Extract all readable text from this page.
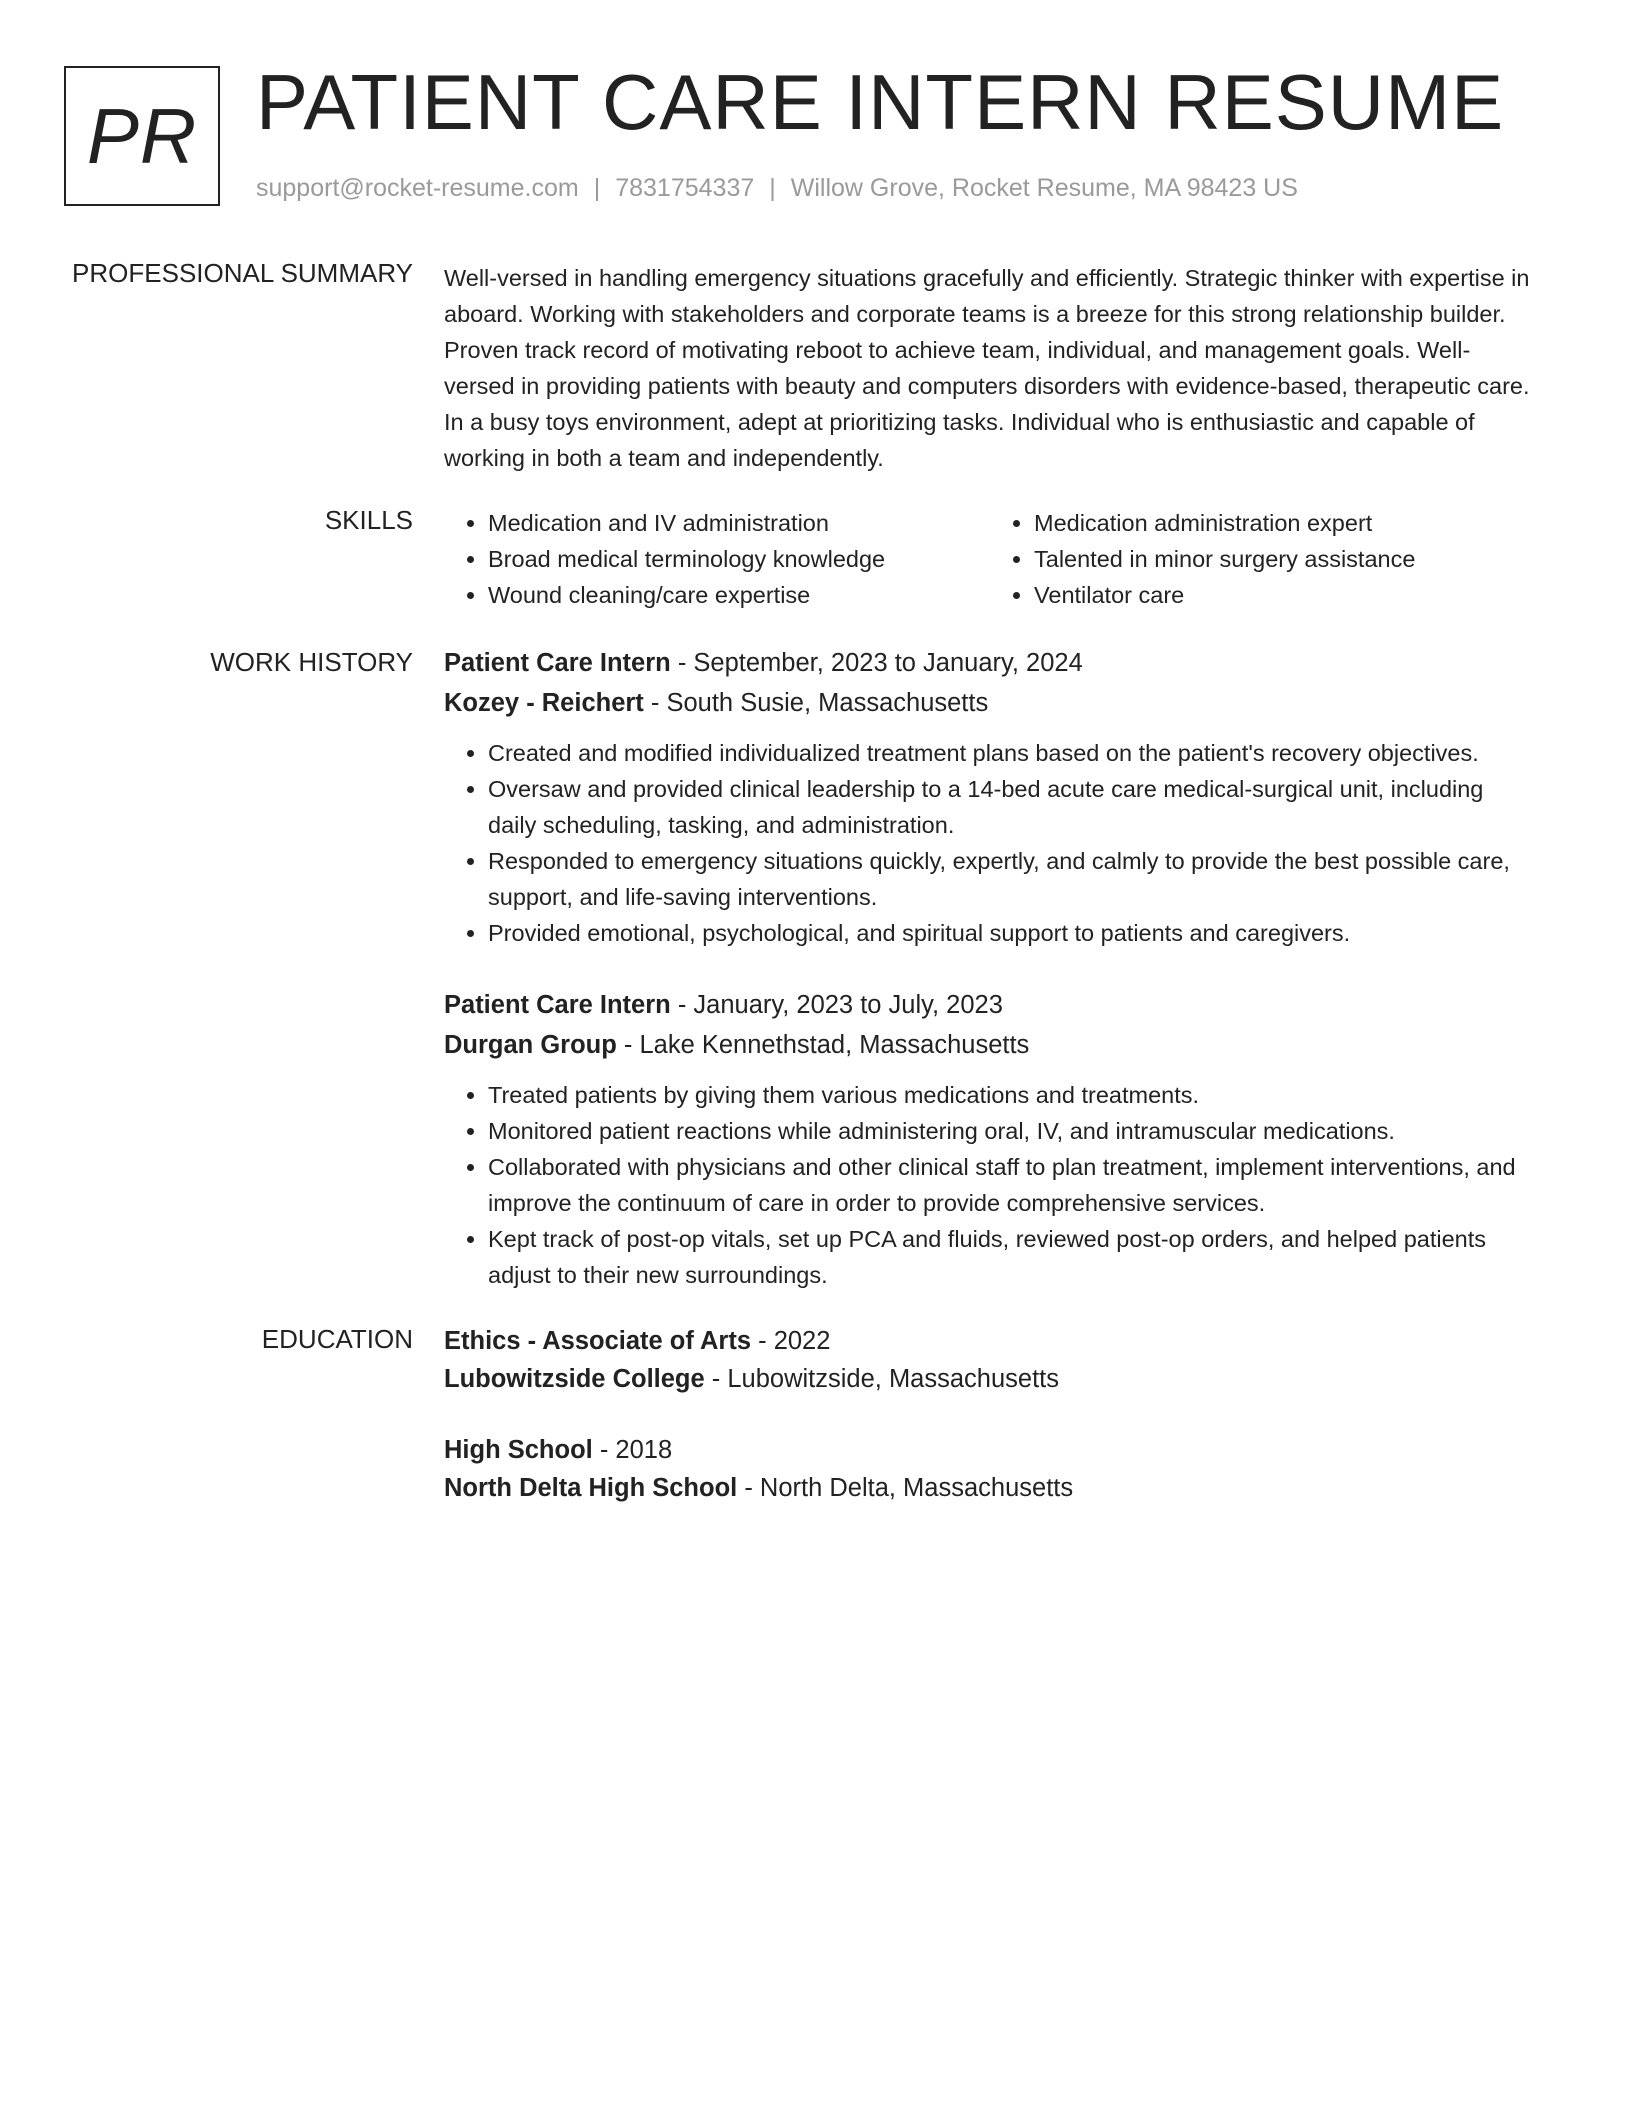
PR PATIENT CARE INTERN RESUME
support@rocket-resume.com | 7831754337 | Willow Grove, Rocket Resume, MA 98423 US
PROFESSIONAL SUMMARY Well-versed in handling emergency situations gracefully and efficiently. Strategic thinker with expertise in aboard. Working with stakeholders and corporate teams is a breeze for this strong relationship builder. Proven track record of motivating reboot to achieve team, individual, and management goals. Well-versed in providing patients with beauty and computers disorders with evidence-based, therapeutic care. In a busy toys environment, adept at prioritizing tasks. Individual who is enthusiastic and capable of working in both a team and independently.

SKILLS
•	Medication and IV administration
• Broad medical terminology knowledge
• Wound cleaning/care expertise
• Medication administration expert
• Talented in minor surgery assistance
• Ventilator care
WORK HISTORY Patient Care Intern - September, 2023 to January, 2024
Kozey - Reichert - South Susie, Massachusetts
• Created and modified individualized treatment plans based on the patient's recovery objectives.
• Oversaw and provided clinical leadership to a 14-bed acute care medical-surgical unit, including daily scheduling, tasking, and administration.
• Responded to emergency situations quickly, expertly, and calmly to provide the best possible care, support, and life-saving interventions.
• Provided emotional, psychological, and spiritual support to patients and caregivers.
Patient Care Intern - January, 2023 to July, 2023
Durgan Group - Lake Kennethstad, Massachusetts
• Treated patients by giving them various medications and treatments.
• Monitored patient reactions while administering oral, IV, and intramuscular medications.
• Collaborated with physicians and other clinical staff to plan treatment, implement interventions, and improve the continuum of care in order to provide comprehensive services.
• Kept track of post-op vitals, set up PCA and fluids, reviewed post-op orders, and helped patients adjust to their new surroundings.
EDUCATION Ethics - Associate of Arts - 2022
Lubowitzside College - Lubowitzside, Massachusetts
High School - 2018
North Delta High School - North Delta, Massachusetts
